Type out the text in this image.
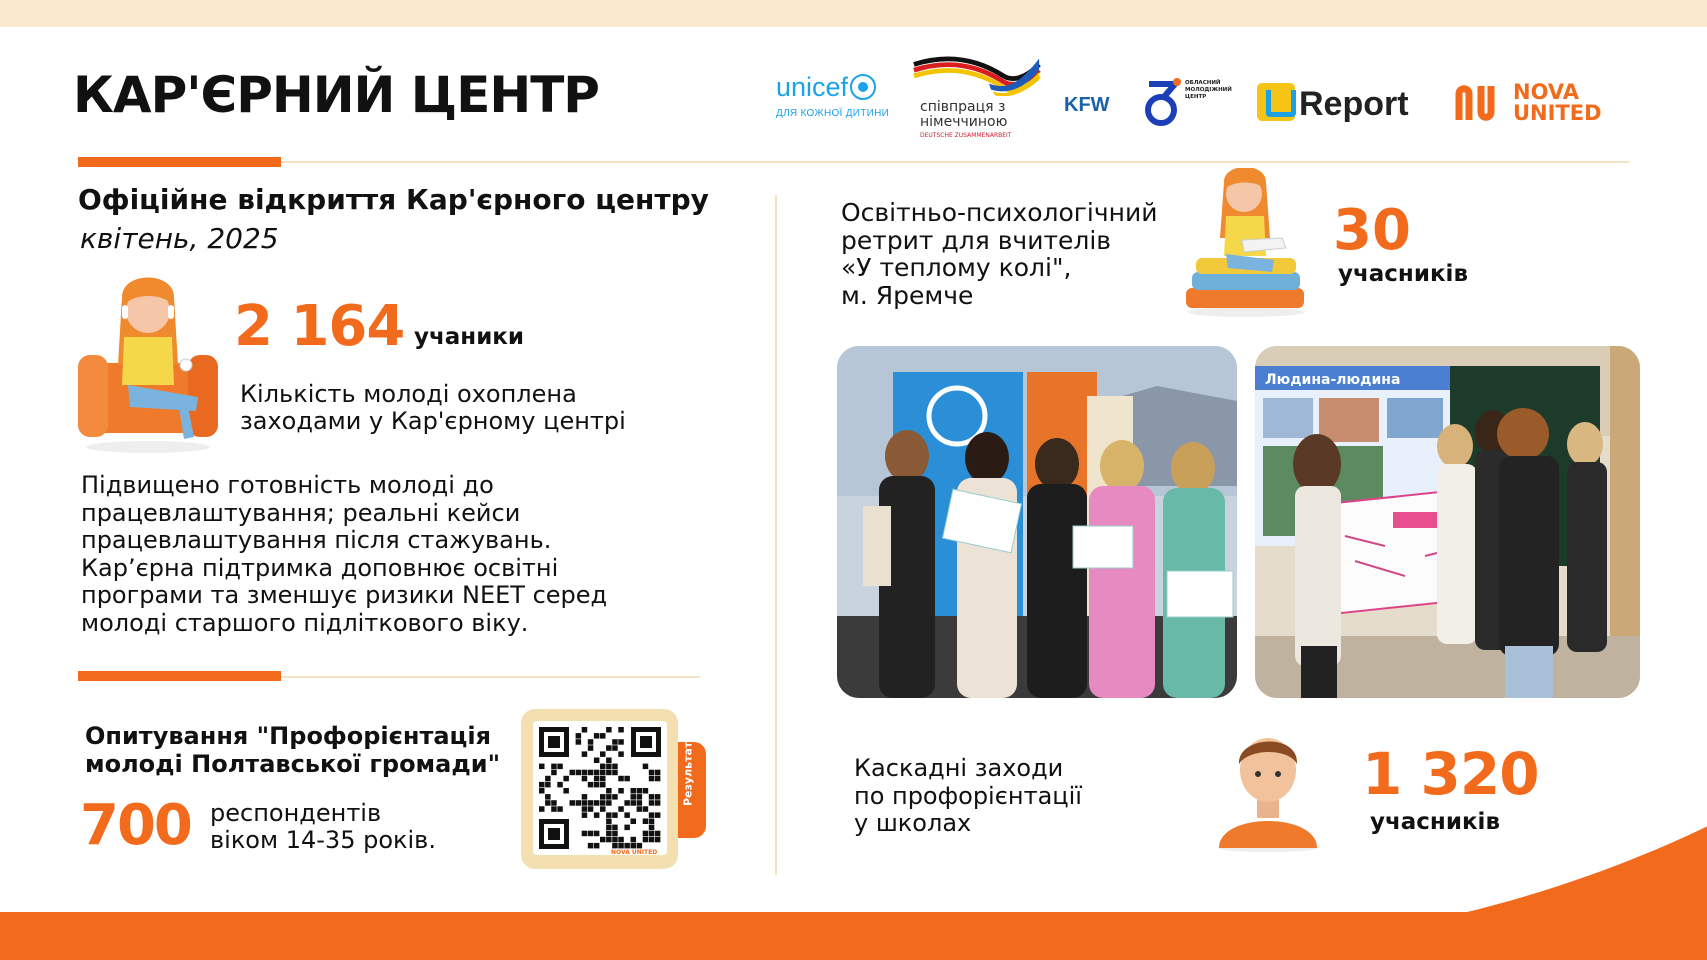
КАР'ЄРНИЙ ЦЕНТР	unicef
ДЛЯ КОЖНОЇ ДИТИНИ співпраця з
німеччиною
DEUTSCHE ZUSAMMENARBEIT
KFW
ОБЛАСНИЙ МОЛОДІЖНИЙ ЦЕНТР	Report	NOVA
UNITED
Офіційне відкриття Кар'єрного центру
квітень, 2025
2 164 учаники
Кількість молоді охоплена
заходами у Кар'єрному центрі
Підвищено готовність молоді до
працевлаштування; реальні кейси
працевлаштування після стажувань.
Кар’єрна підтримка доповнює освітні
програми та зменшує ризики NEET серед
молоді старшого підліткового віку.
Опитування "Профорієнтація
молоді Полтавської громади"
700 респондентів
віком 14-35 років.
Результати
NOVA UNITED
Освітньо-психологічний
ретрит для вчителів
«У теплому колі",
м. Яремче
30
учасників
Людина-людина
Каскадні заходи
по профорієнтації
у школах
1 320
учасників
